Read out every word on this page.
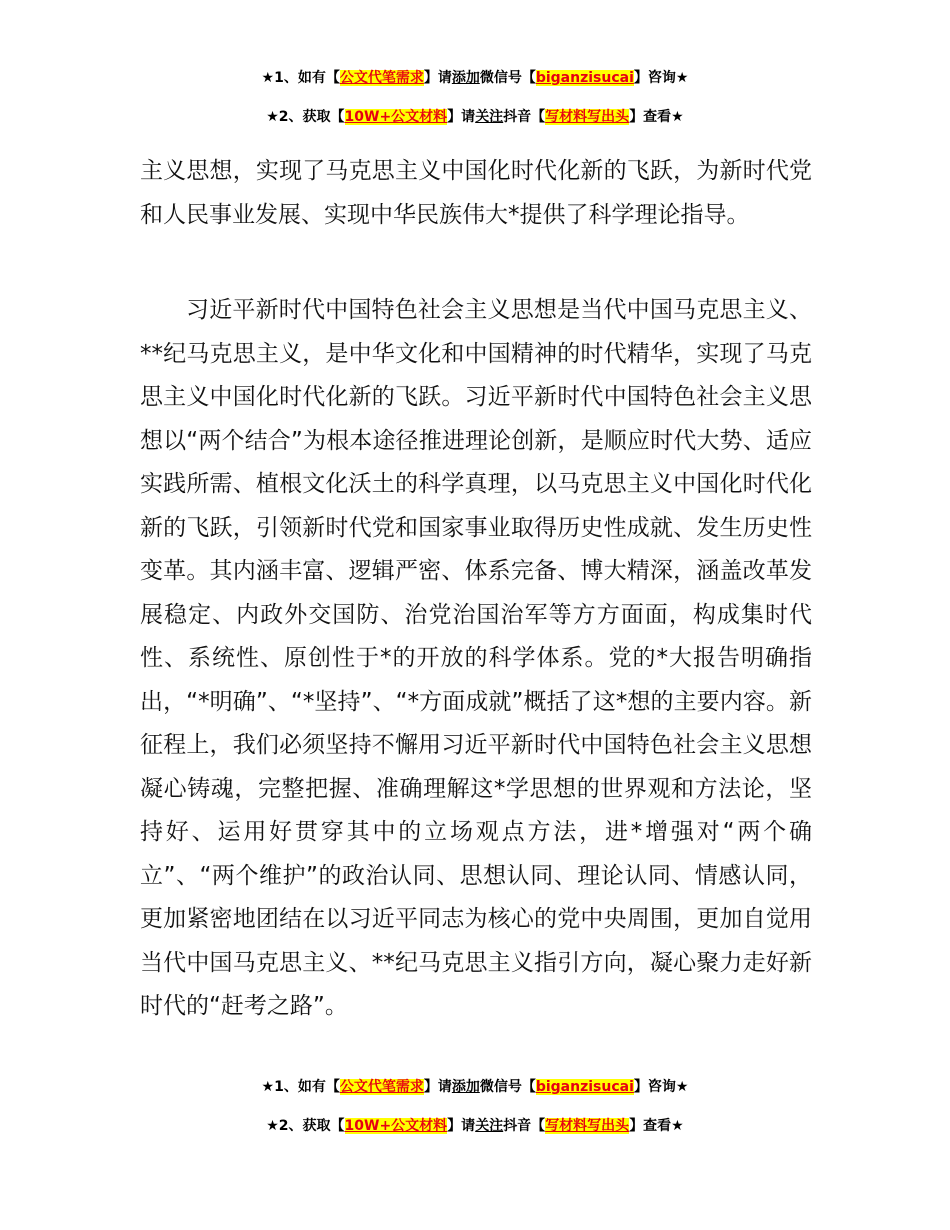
★1、如有【公文代笔需求】请添加微信号【biganzisucai】咨询★
★2、获取【10W+公文材料】请关注抖音【写材料写出头】查看★

主义思想，实现了马克思主义中国化时代化新的飞跃，为新时代党和人民事业发展、实现中华民族伟大*提供了科学理论指导。

习近平新时代中国特色社会主义思想是当代中国马克思主义、**纪马克思主义，是中华文化和中国精神的时代精华，实现了马克思主义中国化时代化新的飞跃。习近平新时代中国特色社会主义思想以“两个结合”为根本途径推进理论创新，是顺应时代大势、适应实践所需、植根文化沃土的科学真理，以马克思主义中国化时代化新的飞跃，引领新时代党和国家事业取得历史性成就、发生历史性变革。其内涵丰富、逻辑严密、体系完备、博大精深，涵盖改革发展稳定、内政外交国防、治党治国治军等方方面面，构成集时代性、系统性、原创性于*的开放的科学体系。党的*大报告明确指出，“*明确”、“*坚持”、“*方面成就”概括了这*想的主要内容。新征程上，我们必须坚持不懈用习近平新时代中国特色社会主义思想凝心铸魂，完整把握、准确理解这*学思想的世界观和方法论，坚持好、运用好贯穿其中的立场观点方法，进*增强对“两个确立”、“两个维护”的政治认同、思想认同、理论认同、情感认同，更加紧密地团结在以习近平同志为核心的党中央周围，更加自觉用当代中国马克思主义、**纪马克思主义指引方向，凝心聚力走好新时代的“赶考之路”。

★1、如有【公文代笔需求】请添加微信号【biganzisucai】咨询★
★2、获取【10W+公文材料】请关注抖音【写材料写出头】查看★
